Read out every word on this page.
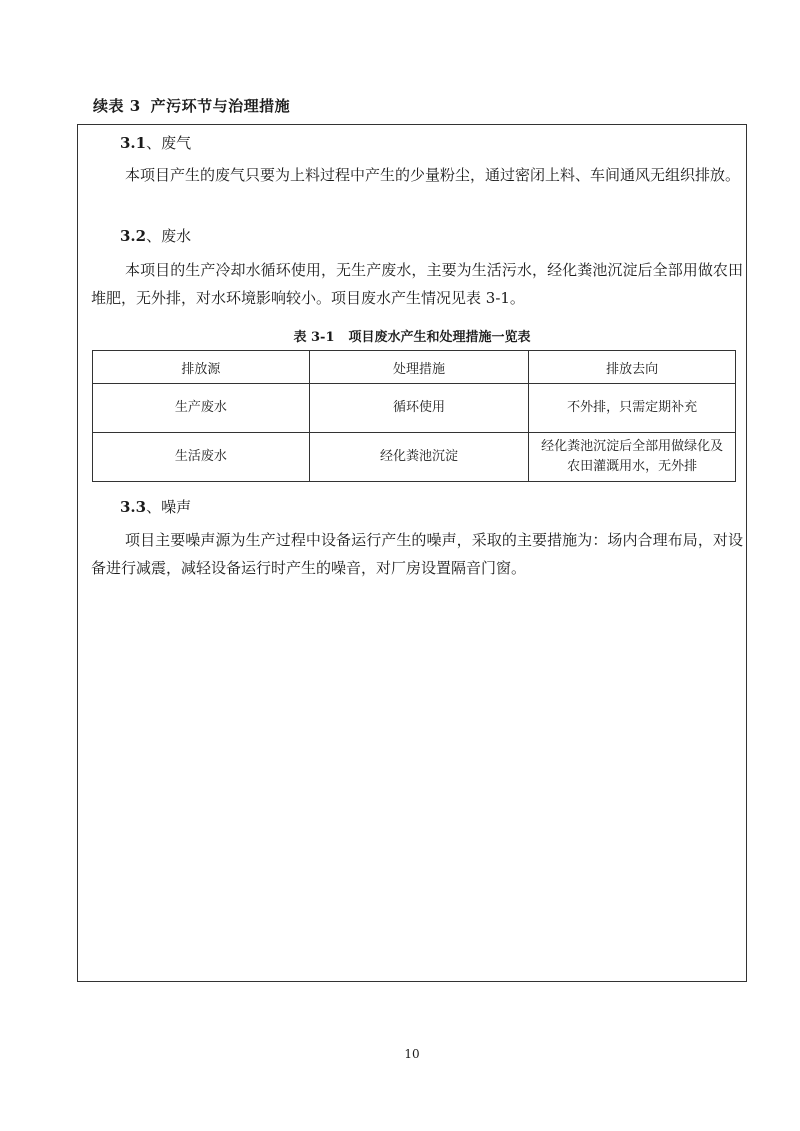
续表 3 产污环节与治理措施
3.1、废气

本项目产生的废气只要为上料过程中产生的少量粉尘，通过密闭上料、车间通风无组织排放。

3.2、废水

本项目的生产冷却水循环使用，无生产废水，主要为生活污水，经化粪池沉淀后全部用做农田堆肥，无外排，对水环境影响较小。项目废水产生情况见表 3-1。

表 3-1 项目废水产生和处理措施一览表
排放源	处理措施	排放去向
生产废水	循环使用	不外排，只需定期补充
生活废水	经化粪池沉淀	经化粪池沉淀后全部用做绿化及农田灌溉用水，无外排
3.3、噪声

项目主要噪声源为生产过程中设备运行产生的噪声，采取的主要措施为：场内合理布局，对设备进行减震，减轻设备运行时产生的噪音，对厂房设置隔音门窗。

10
